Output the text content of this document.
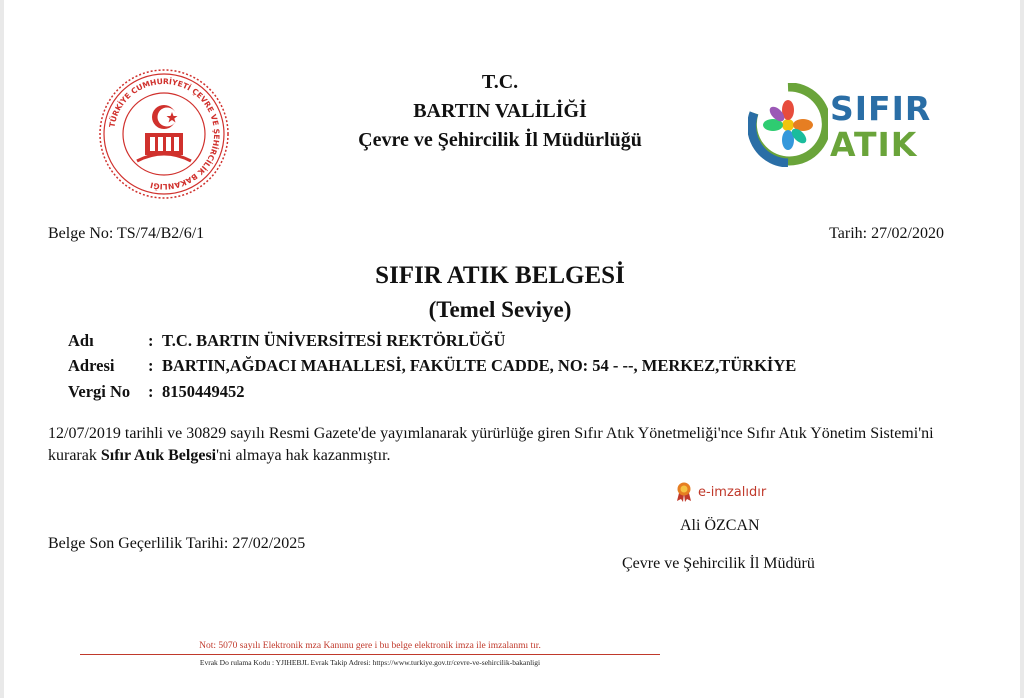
TÜRKİYE CUMHURİYETİ ÇEVRE VE ŞEHİRCİLİK BAKANLIĞI
T.C.
BARTIN VALİLİĞİ
Çevre ve Şehircilik İl Müdürlüğü
SIFIR
ATIK
Belge No: TS/74/B2/6/1	Tarih: 27/02/2020
SIFIR ATIK BELGESİ
(Temel Seviye)
Adı	: T.C. BARTIN ÜNİVERSİTESİ REKTÖRLÜĞÜ
Adresi : BARTIN,AĞDACI MAHALLESİ, FAKÜLTE CADDE, NO: 54 - --, MERKEZ,TÜRKİYE
Vergi No : 8150449452
12/07/2019 tarihli ve 30829 sayılı Resmi Gazete'de yayımlanarak yürürlüğe giren Sıfır Atık Yönetmeliği'nce Sıfır Atık Yönetim Sistemi'ni kurarak Sıfır Atık Belgesi'ni almaya hak kazanmıştır.
e-imzalıdır
Ali ÖZCAN
Çevre ve Şehircilik İl Müdürü
Belge Son Geçerlilik Tarihi: 27/02/2025
Not: 5070 sayılı Elektronik mza Kanunu gere i bu belge elektronik imza ile imzalanmı tır.
Evrak Do rulama Kodu : YJIHEBJL Evrak Takip Adresi: https://www.turkiye.gov.tr/cevre-ve-sehircilik-bakanligi
